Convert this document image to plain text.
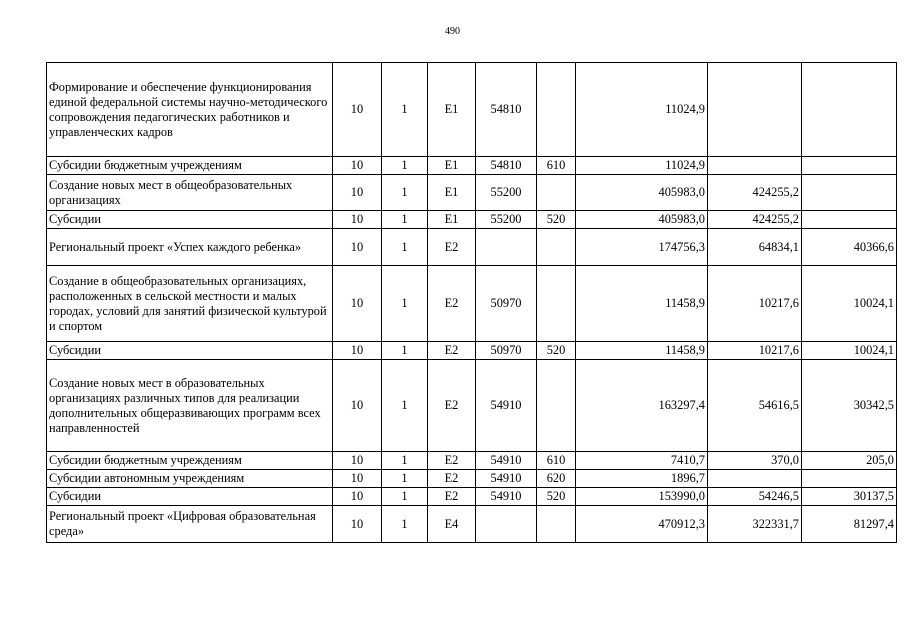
490
Формирование и обеспечение функционирования единой федеральной системы научно-методического сопровождения педагогических работников и управленческих кадров	10	1	Е1	54810		11024,9		
Субсидии бюджетным учреждениям	10	1	Е1	54810	610	11024,9		
Создание новых мест в общеобразовательных организациях	10	1	Е1	55200		405983,0	424255,2	
Субсидии	10	1	Е1	55200	520	405983,0	424255,2	
Региональный проект «Успех каждого ребенка»	10	1	Е2			174756,3	64834,1	40366,6
Создание в общеобразовательных организациях, расположенных в сельской местности и малых городах, условий для занятий физической культурой и спортом	10	1	Е2	50970		11458,9	10217,6	10024,1
Субсидии	10	1	Е2	50970	520	11458,9	10217,6	10024,1
Создание новых мест в образовательных организациях различных типов для реализации дополнительных общеразвивающих программ всех направленностей	10	1	Е2	54910		163297,4	54616,5	30342,5
Субсидии бюджетным учреждениям	10	1	Е2	54910	610	7410,7	370,0	205,0
Субсидии автономным учреждениям	10	1	Е2	54910	620	1896,7		
Субсидии	10	1	Е2	54910	520	153990,0	54246,5	30137,5
Региональный проект «Цифровая образовательная среда»	10	1	Е4			470912,3	322331,7	81297,4
